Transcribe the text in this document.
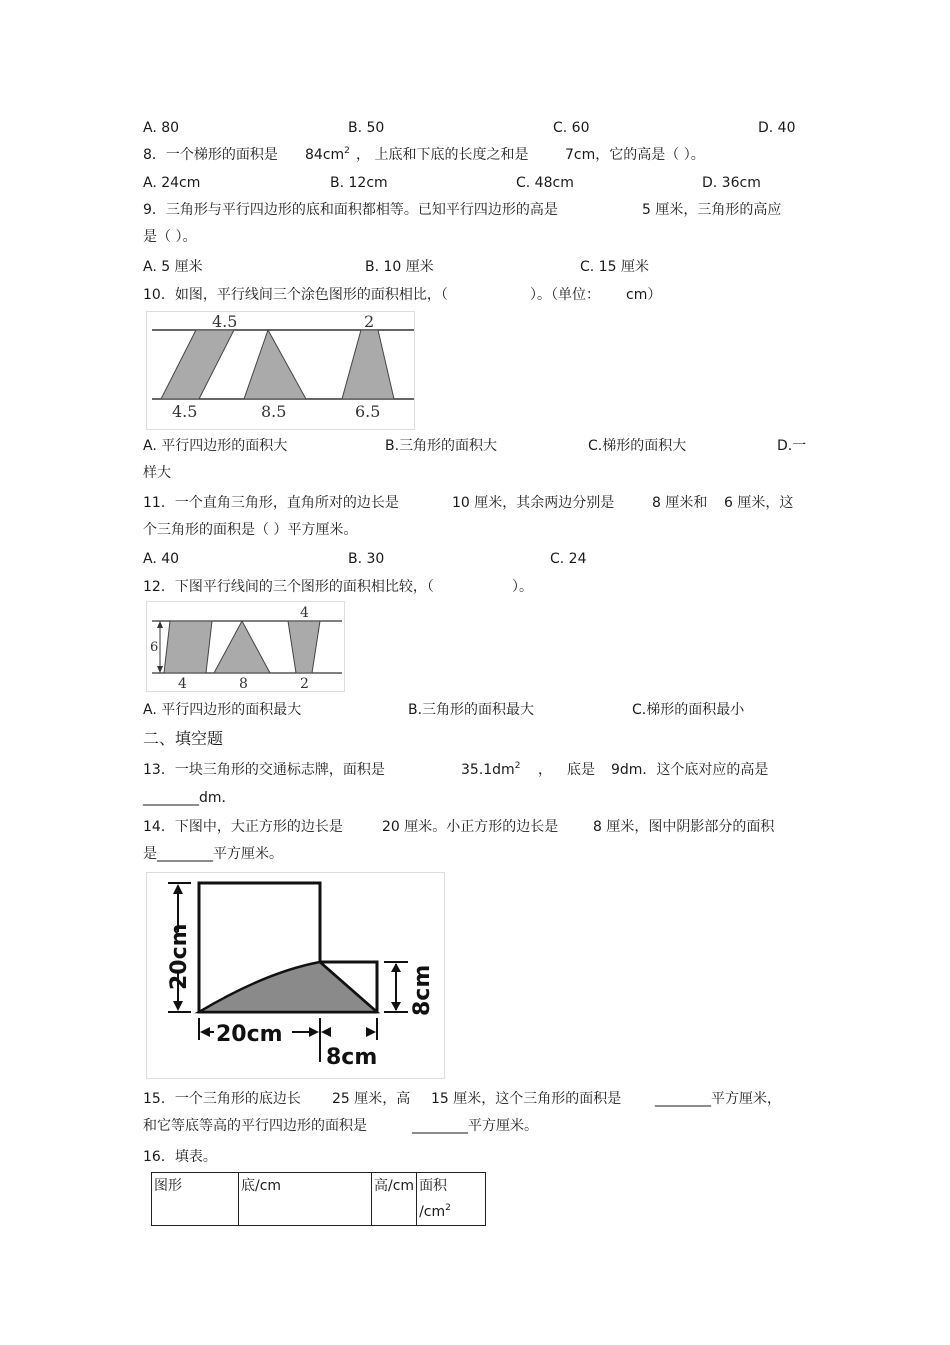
A. 80	B. 50	C. 60	D. 40
8．一个梯形的面积是 $84cm^2$ ， 上底和下底的长度之和是	7cm，它的高是（ ）。
A. 24cm	B. 12cm	C. 48cm	D. 36cm
9．三角形与平行四边形的底和面积都相等。已知平行四边形的高是	5 厘米，三角形的高应
是（ ）。
A. 5 厘米	B. 10 厘米	C. 15 厘米
10．如图，平行线间三个涂色图形的面积相比，（	）。（单位： cm）
4.5	2
4.5	8.5	6.5
A. 平行四边形的面积大	B.三角形的面积大	C.梯形的面积大	D.一
样大
11．一个直角三角形，直角所对的边长是	10 厘米，其余两边分别是	8 厘米和 6 厘米，这
个三角形的面积是（ ）平方厘米。
A. 40	B. 30	C. 24
12．下图平行线间的三个图形的面积相比较，（	）。
4
6
4	8	2
A. 平行四边形的面积最大	B.三角形的面积最大	C.梯形的面积最小
二、填空题
13．一块三角形的交通标志牌，面积是	$35.1dm^2$ ， 底是 9dm．这个底对应的高是
________dm．
14．下图中，大正方形的边长是	20 厘米。小正方形的边长是 8 厘米，图中阴影部分的面积
是________平方厘米。
20cm
8cm
20cm
8cm
15．一个三角形的底边长 25 厘米，高 15 厘米，这个三角形的面积是 ________平方厘米，
和它等底等高的平行四边形的面积是	________平方厘米。
16．填表。
图形	底/cm	高/cm	面积 $/cm^2$
